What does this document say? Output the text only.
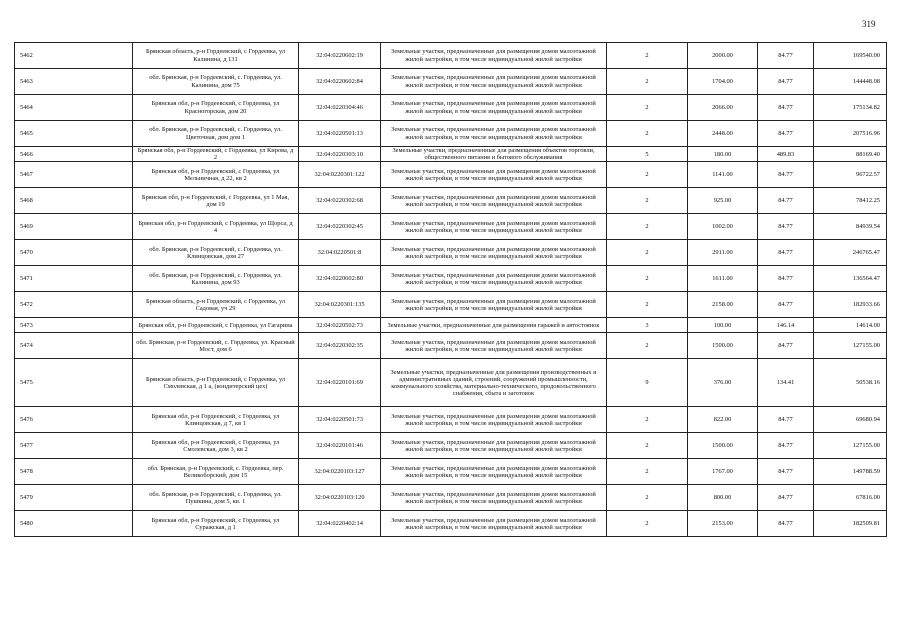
319
5462	Брянская область, р-н Гордеевский, с Гордеевка, ул Калинина, д 131	32:04:0220602:19	Земельные участки, предназначенные для размещения домов малоэтажной жилой застройки, в том числе индивидуальной жилой застройки	2	2000.00	84.77	169540.00
5463	обл. Брянская, р-н Гордеевский, с. Гордеевка, ул. Калинина, дом 75	32:04:0220602:84	Земельные участки, предназначенные для размещения домов малоэтажной жилой застройки, в том числе индивидуальной жилой застройки	2	1704.00	84.77	144448.08
5464	Брянская обл, р-н Гордеевский, с Гордеевка, ул Красногорская, дом 20	32:04:0220304:46	Земельные участки, предназначенные для размещения домов малоэтажной жилой застройки, в том числе индивидуальной жилой застройки	2	2066.00	84.77	175134.82
5465	обл. Брянская, р-н Гордеевский, с. Гордеевка, ул. Цветочная, дом дом 1	32:04:0220501:13	Земельные участки, предназначенные для размещения домов малоэтажной жилой застройки, в том числе индивидуальной жилой застройки	2	2448.00	84.77	207516.96
5466	Брянская обл, р-н Гордеевский, с Гордеевка, ул Кирова, д 2	32:04:0220303:10	Земельные участки, предназначенные для размещения объектов торговли, общественного питания и бытового обслуживания	5	180.00	489.83	88169.40
5467	Брянская обл, р-н Гордеевский, с Гордеевка, ул Мельничная, д 22, кв 2	32:04:0220301:122	Земельные участки, предназначенные для размещения домов малоэтажной жилой застройки, в том числе индивидуальной жилой застройки	2	1141.00	84.77	96722.57
5468	Брянская обл, р-н Гордеевский, с Гордеевка, ул 1 Мая, дом 19	32:04:0220302:68	Земельные участки, предназначенные для размещения домов малоэтажной жилой застройки, в том числе индивидуальной жилой застройки	2	925.00	84.77	78412.25
5469	Брянская обл, р-н Гордеевский, с Гордеевка, ул Щорса, д 4	32:04:0220302:45	Земельные участки, предназначенные для размещения домов малоэтажной жилой застройки, в том числе индивидуальной жилой застройки	2	1002.00	84.77	84939.54
5470	обл. Брянская, р-н Гордеевский, с. Гордеевка, ул. Клинцовская, дом 27	32:04:0220501:8	Земельные участки, предназначенные для размещения домов малоэтажной жилой застройки, в том числе индивидуальной жилой застройки	2	2911.00	84.77	246765.47
5471	обл. Брянская, р-н Гордеевский, с. Гордеевка, ул. Калинина, дом 93	32:04:0220602:80	Земельные участки, предназначенные для размещения домов малоэтажной жилой застройки, в том числе индивидуальной жилой застройки	2	1611.00	84.77	136564.47
5472	Брянская область, р-н Гордеевский, с Гордеевка, ул Садовая, уч 29	32:04:0220301:135	Земельные участки, предназначенные для размещения домов малоэтажной жилой застройки, в том числе индивидуальной жилой застройки	2	2158.00	84.77	182933.66
5473	Брянская обл, р-н Гордеевский, с Гордеевка, ул Гагарина	32:04:0220502:73	Земельные участки, предназначенные для размещения гаражей и автостоянок	3	100.00	146.14	14614.00
5474	обл. Брянская, р-н Гордеевский, с. Гордеевка, ул. Красный Мост, дом 6	32:04:0220302:35	Земельные участки, предназначенные для размещения домов малоэтажной жилой застройки, в том числе индивидуальной жилой застройки	2	1500.00	84.77	127155.00
5475	Брянская область, р-н Гордеевский, с Гордеевка, ул Смолевская, д 1 а, (кондитерский цех)	32:04:0220101:69	Земельные участки, предназначенные для размещения производственных и административных зданий, строений, сооружений промышленности, коммунального хозяйства, материально-технического, продовольственного снабжения, сбыта и заготовок	9	376.00	134.41	50538.16
5476	Брянская обл, р-н Гордеевский, с Гордеевка, ул Клинцовская, д 7, кв 1	32:04:0220501:73	Земельные участки, предназначенные для размещения домов малоэтажной жилой застройки, в том числе индивидуальной жилой застройки	2	822.00	84.77	69680.94
5477	Брянская обл, р-н Гордеевский, с Гордеевка, ул Смолевская, дом 3, кв 2	32:04:0220101:46	Земельные участки, предназначенные для размещения домов малоэтажной жилой застройки, в том числе индивидуальной жилой застройки	2	1500.00	84.77	127155.00
5478	обл. Брянская, р-н Гордеевский, с. Гордеевка, пер. Великоборский, дом 15	32:04:0220103:127	Земельные участки, предназначенные для размещения домов малоэтажной жилой застройки, в том числе индивидуальной жилой застройки	2	1767.00	84.77	149788.59
5479	обл. Брянская, р-н Гордеевский, с. Гордеевка, ул. Пушкина, дом 5, кв. 1	32:04:0220103:120	Земельные участки, предназначенные для размещения домов малоэтажной жилой застройки, в том числе индивидуальной жилой застройки	2	800.00	84.77	67816.00
5480	Брянская обл, р-н Гордеевский, с Гордеевка, ул Суражская, д 1	32:04:0220402:14	Земельные участки, предназначенные для размещения домов малоэтажной жилой застройки, в том числе индивидуальной жилой застройки	2	2153.00	84.77	182509.81
